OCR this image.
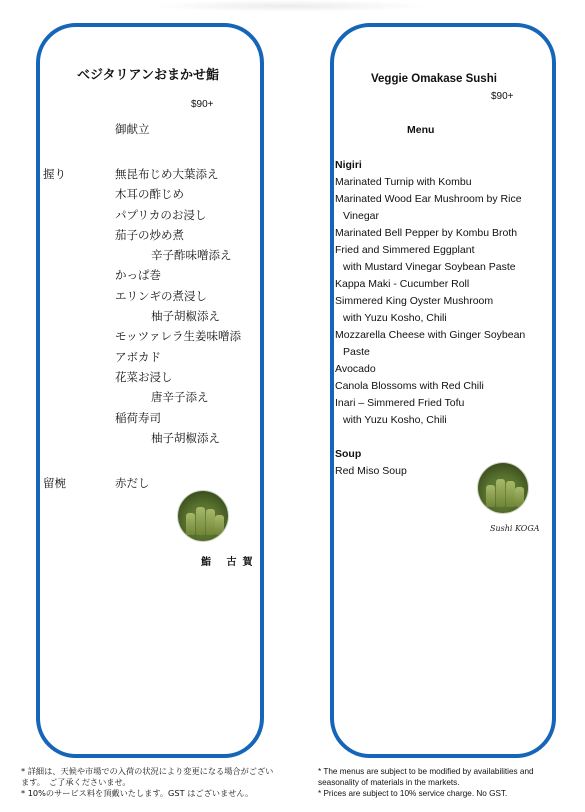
ベジタリアンおまかせ鮨
$90+
御献立
握り	無昆布じめ大葉添え
木耳の酢じめ
パプリカのお浸し
茄子の炒め煮
辛子酢味噌添え
かっぱ巻
エリンギの煮浸し
柚子胡椒添え
モッツァレラ生姜味噌添
アボカド
花菜お浸し
唐辛子添え
稲荷寿司
柚子胡椒添え
留椀	赤だし
鮨 古賀
Veggie Omakase Sushi
$90+
Menu
Nigiri
Marinated Turnip with Kombu
Marinated Wood Ear Mushroom by Rice
Vinegar
Marinated Bell Pepper by Kombu Broth
Fried and Simmered Eggplant
with Mustard Vinegar Soybean Paste
Kappa Maki - Cucumber Roll
Simmered King Oyster Mushroom
with Yuzu Kosho, Chili
Mozzarella Cheese with Ginger Soybean
Paste
Avocado
Canola Blossoms with Red Chili
Inari – Simmered Fried Tofu
with Yuzu Kosho, Chili
Soup
Red Miso Soup
Sushi KOGA
* 詳細は、天候や市場での入荷の状況により変更になる場合がございます。　ご了承くださいませ。
* 10%のサービス料を頂戴いたします。GST はございません。
* The menus are subject to be modified by availabilities and seasonality of materials in the markets.
* Prices are subject to 10% service charge. No GST.
